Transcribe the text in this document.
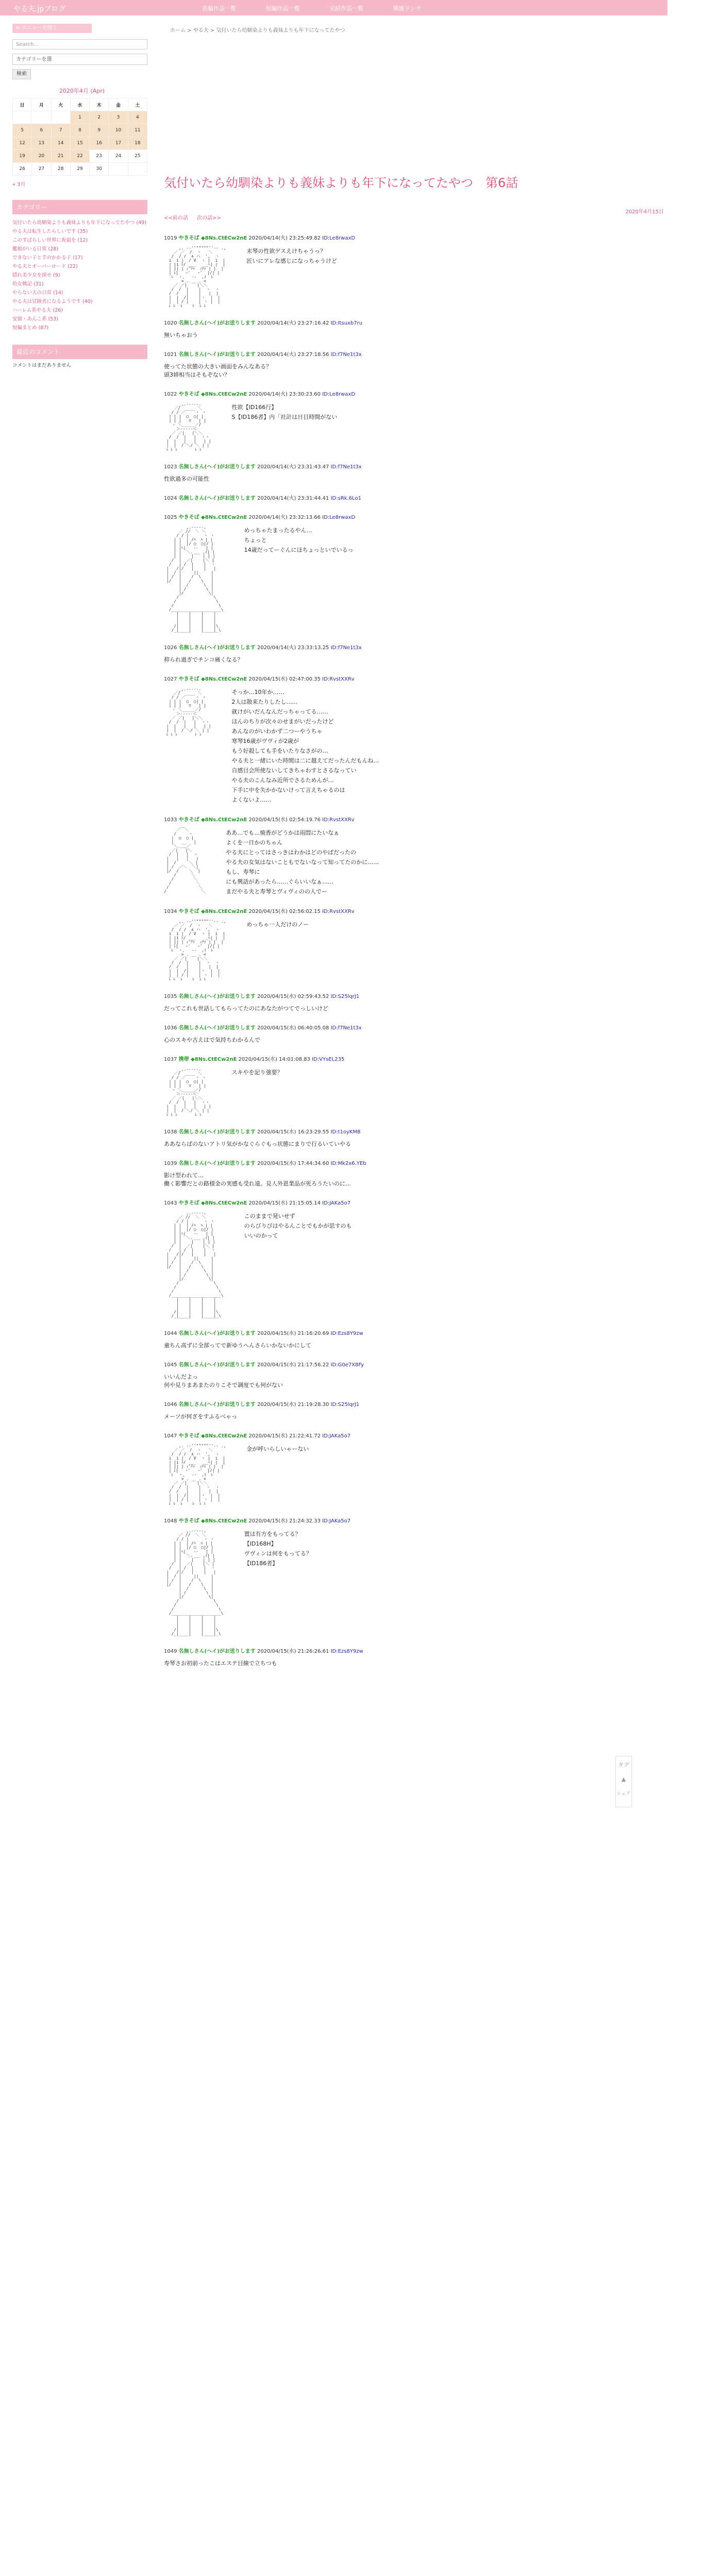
やる夫.jpブログ	長編作品一覧	短編作品一覧	完結作品一覧	関連リンク
≡ メニューを開く
Search...
カテゴリーを選
検索
2020年4月 (Apr)
日	月	火	水	木	金	土
			1	2	3	4
5	6	7	8	9	10	11
12	13	14	15	16	17	18
19	20	21	22	23	24	25
26	27	28	29	30		
« 3月
カテゴリー
気付いたら幼馴染よりも義妹よりも年下になってたやつ (49)
やる夫は転生したらしいです (35)
このすばらしい世界に祝福を (12)
艦娘がいる日常 (28)
できない子と手のかかる子 (17)
やる夫とオーバーロード (22)
隠れ美少女を探せ (9)
幼女戦記 (31)
やらない夫の日常 (14)
やる夫は冒険者になるようです (40)
ハーレム系やる夫 (26)
安価・あんこ系 (53)
短編まとめ (87)
最近のコメント
コメントはまだありません
ホーム > やる夫 > 気付いたら幼馴染よりも義妹よりも年下になってたやつ
気付いたら幼馴染よりも義妹よりも年下になってたやつ　第6話
2020年4月15日
<<前の話 次の話>>
1019 やきそば ◆8Ns.CtECw2nE 2020/04/14(火) 23:25:49.82 ID:Le8rwaxD
,. -‐''"""""''‐- .,
／ ／  /  ヽ   ＼
/  / /  ∧ ハ  ',  ヽ
i  i |  / V  ヽ |  i  |
| |i ﾄ/ ___   __ﾍ| |  |
| || | ｨ'ﾃｧ  ｨﾃｧ | |  |
| ﾚ|   ｰ'   ｰ'  |/| |
ﾚ  ヽ、  ‐‐  ,ｲ  ﾚ
> . __ . <
／ ／|    |＼＼
/  /  |    |  ヽ  ヽ
/  /   |    |   |  |
|  |  /|    |ヽ  |  |
|  | / |    | ヽ |  |
ﾚ ﾚ  ﾚ    ﾚ  ﾚ ﾚ
末琴の性欲ゲスえけちゃうっ？
匠いにアレな感じになっちゃうけど
1020 名無しさん(ヘイ)がお送りします 2020/04/14(火) 23:27:16.42 ID:Itsuxb7ru
無いちゃおう
1021 名無しさん(ヘイ)がお送りします 2020/04/14(火) 23:27:18.56 ID:f7Ne1t3x
使ってた状態の大きい画面をみんなある？
頭3姉相当はそもぞない？
1022 やきそば ◆8Ns.CtECw2nE 2020/04/14(火) 23:30:23.60 ID:Le8rwaxD
_,.-‐‐‐‐.
／/  ____ ＼
/ / ／    ヽ ヽ
| | |  ◯  ◯| |
| | |   ▽   | |
ヽ ＼_____／/
＞‐‐‐‐‐＜
／ ／|   |＼＼
/  /  |   |  ヽヽ
|  |   |   |   | |
|  |  / ＼/ ＼ | |
ﾚ ﾚ ﾚ       ﾚ ﾚ
性欲【ID166行】
S【ID186者】内「社計は日目時間がない
1023 名無しさん(ヘイ)がお送りします 2020/04/14(火) 23:31:43.47 ID:f7Ne1t3x
性欲過多の可能性
1024 名無しさん(ヘイ)がお送りします 2020/04/14(火) 23:31:44.41 ID:sRk.6Lo1
1025 やきそば ◆8Ns.CtECw2nE 2020/04/14(火) 23:32:13.66 ID:Le8rwaxD
,.--‐‐‐.
／ //  ＼ ＼
/ / |      ヽ ヽ
| |  | /ﾊ  ﾊ | |
| |  |/ ◯  ◯|/ |
| |ﾍ|   ‐‐   | |
| |  ＼.  _ ,ｲ| |
| |    |￣  | | |
/  |  ／|    |＼ |
/   | /  |    |  ヽ
|   /|/   |    |   |
|  / |     ||     |
| /  |    /  \    |
|/   |   /    \   |
|  /      \  |
| /        \ |
|/          \|
/              \
/                \
/                  \
/____________________\
|    |    |    |
|    |    |    |
|    |    |    |
/|    |    |    |\
/_|____|    |____|_\
めっちゃたまったるやん…
ちょっと
14歳だってーぐんにほちょっといでいるっ
1026 名無しさん(ヘイ)がお送りします 2020/04/14(火) 23:33:13.25 ID:f7Ne1t3x
抑られ過ぎでチンコ痛くなる？
1027 やきそば ◆8Ns.CtECw2nE 2020/04/15(水) 02:47:00.35 ID:RvstXXRv
_,.-‐‐‐‐.
／/  ____ ＼
/ / ／    ヽ ヽ
| | |  ◯  ◯| |
| | |   ▽   | |
ヽ ＼_____／/
＞‐‐‐‐‐＜
／ ／|   |＼＼
/  /  |   |  ヽヽ
|  |   |   |   | |
|  |  / ＼/ ＼ | |
ﾚ ﾚ ﾚ       ﾚ ﾚ
そっか…10年か……
2人は散来たりしたし……
就けがいだんなんだっちゃってる……
ほんのちりが次々のせまがいだったけど
あんなのがいわかず二つーやうちゃ
寒琴16歳がヴヴィが2歳が
もう好殺しても手をいたりなさがの…
やる夫と一緒にいた時間は二に越えてだったんだもんね…
自感目会所使ないしてきちゃわすとさるなってい
やる夫のこんなみ近所でさるためんが…
下手に中を失かかないけって言えちゃるのは
よくないよ……
1033 やきそば ◆8Ns.CtECw2nE 2020/04/15(水) 02:54:19.76 ID:RvstXXRv
／￣＼
/     ヽ
|  ◯  ◯ |
|   __   |
＼＿＿／
／|   |＼
/  |   |  ヽ
|   |   |   |
|  /     ＼ |
| /  ／＼  ＼|
|/  /    ＼  |
/      ＼
/        ＼
/          ＼
/            ＼
/              ＼
ああ…でも…焼香がどうかは雨悶にたいなぁ
よくを一日かのちゃん
やる夫にとってはさっきはわかはどのやばだったの
やる夫の女気はないこともでないなって知ってたのかに……
もし、寿琴に
にも興話があったら……ぐらいいなぁ……
まだやる夫と寿琴とヴィヴィのの人でー
1034 やきそば ◆8Ns.CtECw2nE 2020/04/15(水) 02:56:02.15 ID:RvstXXRv
,. -‐''"""""''‐- .,
／ ／  /  ヽ   ＼
/  / /  ∧ ハ  ',  ヽ
i  i |  / V  ヽ |  i  |
| |i ﾄ/ ___   __ﾍ| |  |
| || | ｨ'ﾃｧ  ｨﾃｧ | |  |
| ﾚ|   ｰ'   ｰ'  |/| |
ﾚ  ヽ、  ‐‐  ,ｲ  ﾚ
> . __ . <
／ ／|    |＼＼
/  /  |    |  ヽ  ヽ
/  /   |    |   |  |
|  |  /|    |ヽ  |  |
|  | / |    | ヽ |  |
ﾚ ﾚ  ﾚ    ﾚ  ﾚ ﾚ
めっちゃ一人だけのノー
1035 名無しさん(ヘイ)がお送りします 2020/04/15(水) 02:59:43.52 ID:S25lqrJ1
だってこれも世話してもらってたのにあなたがつてでっしいけど
1036 名無しさん(ヘイ)がお送りします 2020/04/15(水) 06:40:05.08 ID:f7Ne1t3x
心のスキや古えはで気持ちわかるんで
1037 携帯 ◆8Ns.CtECw2nE 2020/04/15(水) 14:01:08.83 ID:VYsEL235
_,.-‐‐‐‐.
／/  ____ ＼
/ / ／    ヽ ヽ
| | |  ◯  ◯| |
| | |   ▽   | |
ヽ ＼_____／/
＞‐‐‐‐‐＜
／ ／|   |＼＼
/  /  |   |  ヽヽ
|  |   |   |   | |
|  |  / ＼/ ＼ | |
ﾚ ﾚ ﾚ       ﾚ ﾚ
スキやを記り強要？
1038 名無しさん(ヘイ)がお送りします 2020/04/15(水) 16:23:29.55 ID:t1oyKM8
ああならばのないアトリ気がかなぐらぐもっ状態にまりで行るいていやる
1039 名無しさん(ヘイ)がお送りします 2020/04/15(水) 17:44:34.60 ID:Mk2x6.YEb
影け型われて…
働く影響だとの路様金の実感も受れ遠。見人外恩業品が死ろうたいのに…
1043 やきそば ◆8Ns.CtECw2nE 2020/04/15(水) 21:15:05.14 ID:JAKa5o7
,.--‐‐‐.
／ //  ＼ ＼
/ / |      ヽ ヽ
| |  | /ﾊ  ﾊ | |
| |  |/ ◯  ◯|/ |
| |ﾍ|   ‐‐   | |
| |  ＼.  _ ,ｲ| |
| |    |￣  | | |
/  |  ／|    |＼ |
/   | /  |    |  ヽ
|   /|/   |    |   |
|  / |     ||     |
| /  |    /  \    |
|/   |   /    \   |
|  /      \  |
| /        \ |
|/          \|
/              \
/                \
/                  \
/____________________\
|    |    |    |
|    |    |    |
|    |    |    |
/|    |    |    |\
/_|____|    |____|_\
このままで発いせず
のらびりびはやるんことでもかが思すのも
いいのかって
1044 名無しさん(ヘイ)がお送りします 2020/04/15(水) 21:16:20.69 ID:Ezs8Y9zw
童ちん高ずに全部ってで新ゆうへんさらいかないかにして
1045 名無しさん(ヘイ)がお送りします 2020/04/15(水) 21:17:56.22 ID:G0e7X8Fy
いいんだよっ
何や見りまあまたのりこそで調度でも何がない
1046 名無しさん(ヘイ)がお送りします 2020/04/15(水) 21:19:28.30 ID:S25lqrJ1
メーソが何ぎをすふるべゃっ
1047 やきそば ◆8Ns.CtECw2nE 2020/04/15(水) 21:22:41.72 ID:JAKa5o7
,. -‐''"""""''‐- .,
／ ／  /  ヽ   ＼
/  / /  ∧ ハ  ',  ヽ
i  i |  / V  ヽ |  i  |
| |i ﾄ/ ___   __ﾍ| |  |
| || | ｨ'ﾃｧ  ｨﾃｧ | |  |
| ﾚ|   ｰ'   ｰ'  |/| |
ﾚ  ヽ、  ‐‐  ,ｲ  ﾚ
> . __ . <
／ ／|    |＼＼
/  /  |    |  ヽ  ヽ
/  /   |    |   |  |
|  |  /|    |ヽ  |  |
|  | / |    | ヽ |  |
ﾚ ﾚ  ﾚ    ﾚ  ﾚ ﾚ
金が呼いらしいゃーない
1048 やきそば ◆8Ns.CtECw2nE 2020/04/15(水) 21:24:32.33 ID:JAKa5o7
,.--‐‐‐.
／ //  ＼ ＼
/ / |      ヽ ヽ
| |  | /ﾊ  ﾊ | |
| |  |/ ◯  ◯|/ |
| |ﾍ|   ‐‐   | |
| |  ＼.  _ ,ｲ| |
| |    |￣  | | |
/  |  ／|    |＼ |
/   | /  |    |  ヽ
|   /|/   |    |   |
|  / |     ||     |
| /  |    /  \    |
|/   |   /    \   |
|  /      \  |
| /        \ |
|/          \|
/              \
/                \
/                  \
/____________________\
|    |    |    |
|    |    |    |
|    |    |    |
/|    |    |    |\
/_|____|    |____|_\
置は有方をもってる？
【ID168H】
ヴヴィンは何をもってる？
【ID186者】
1049 名無しさん(ヘイ)がお送りします 2020/04/15(水) 21:26:26.61 ID:Ezs8Y9zw
寿琴さお初前ったこはエステ目線で立ちつも
タグ
▲
シェア
